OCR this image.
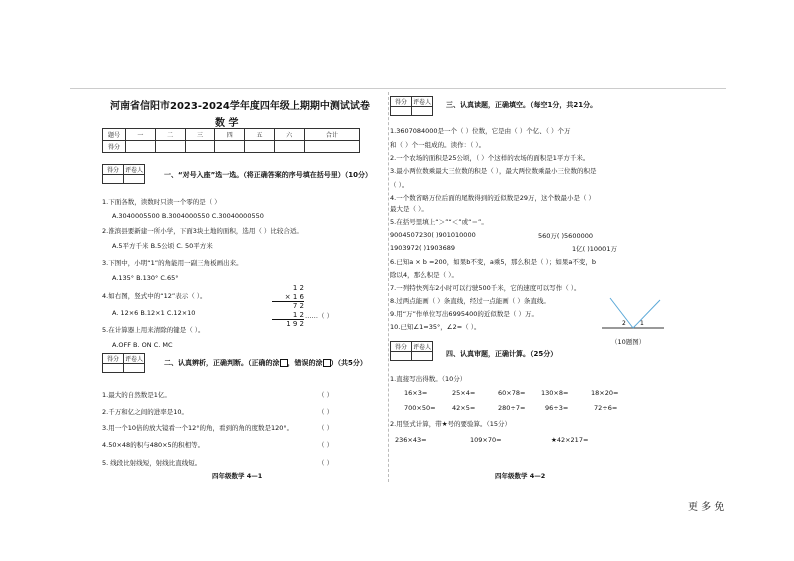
河南省信阳市2023-2024学年度四年级上期期中测试试卷
数 学
题号	一	二	三	四	五	六	合计
得分							
得分	评卷人

一、“对号入座”选一选。（将正确答案的序号填在括号里）（10分）
1.下面各数，读数时只读一个零的是（ ）
A.3040005500 B.3004000550 C.30040000550
2.淮滨县要新建一所小学，下面3块土地的面积，选用（ ）比较合适。
A.5平方千米 B.5公顷 C. 50平方米
3.下图中，小明“1”的角能用一副三角板画出来。
A.135° B.130° C.65°
4.如右图，竖式中的“12”表示（ ）。
A. 12×6 B.12×1 C.12×10
5.在计算器上用来清除的键是（ ）。
A.OFF B. ON C. MC
1 2
× 1 6
7 2
1 2
1 9 2
……（ ）
得分	评卷人
		二、认真辨析，正确判断。（正确的涂 ，错误的涂 ）（共5分）
1.最大的自然数是1亿。	（ ）
2.千万和亿之间的进率是10。	（ ）
3.用一个10倍的放大镜看一个12°的角，看到的角的度数是120°。	（ ）
4.50×48的积与480×5的积相等。	（ ）
5. 线段比射线短，射线比直线短。	（ ）
四年级数学 4—1
得分	评卷人
	三、认真读题，正确填空。（每空1分，共21分。
1.3607084000是一个（ ）位数，它是由（ ）个亿、（ ）个万
和（ ）个一组成的。读作：（ ）。
2.一个农场的面积是25公顷，（ ）个这样的农场的面积是1平方千米。
3.最小两位数乘最大三位数的积是（ ），最大两位数乘最小三位数的积是
（ ）。
4.一个数省略万位后面的尾数得到的近似数是29万，这个数最小是（ ）
最大是（ ）。
5.在括号里填上“＞”“＜”或“＝”。
9004507230( )901010000	560万( )5600000
1903972( )1903689	1亿( )10001万
6.已知a × b =200，如果b不变，a乘5，那么积是（ ）；如果a不变，b
除以4，那么积是（ ）。
7.一列特快列车2小时可以行驶500千米，它的速度可以写作（ ）。
8.过两点能画（ ）条直线，经过一点能画（ ）条直线。
9.用“万”作单位写出6995400的近似数是（ ）万。
10.已知∠1=35°，∠2=（ ）。	2 1
（10题图）
得分	评卷人

四、认真审题，正确计算。（25分）
1.直接写出得数。（10分）
16×3=	25×4=	60×78= 130×8=	18×20=
700×50=	42×5=	280÷7=	96÷3=	72÷6=
2.用竖式计算，带★号的要验算。（15分）
236×43=	109×70=	★42×217=
四年级数学 4—2
更 多 免
